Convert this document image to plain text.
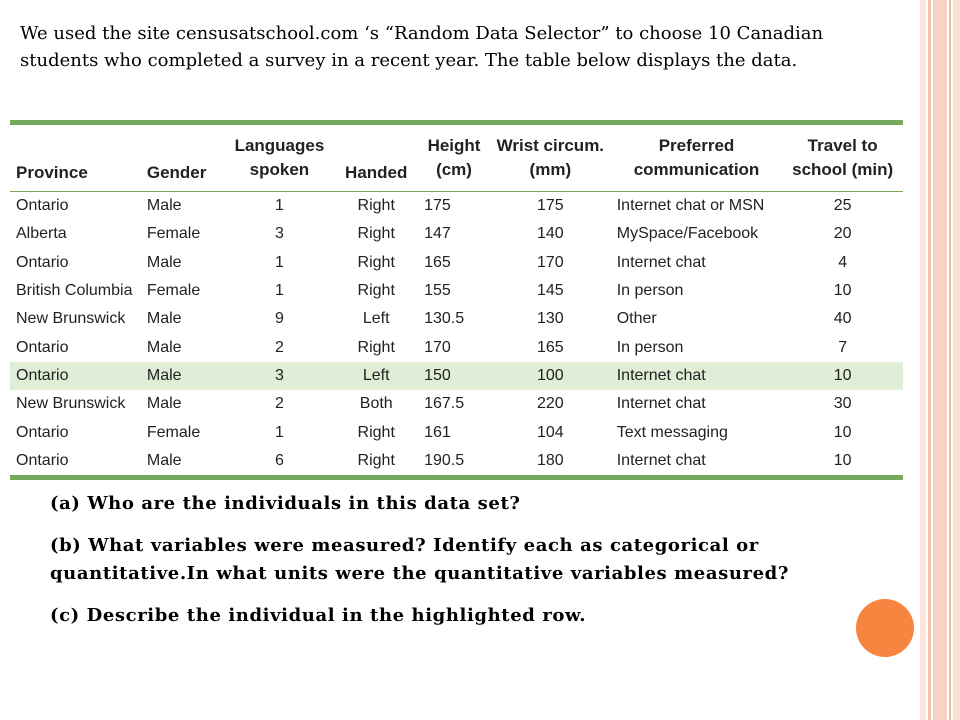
We used the site censusatschool.com ‘s “Random Data Selector” to choose 10 Canadian students who completed a survey in a recent year. The table below displays the data.
Province	Gender	Languages spoken	Handed	Height (cm)	Wrist circum. (mm)	Preferred communication	Travel to school (min)
Ontario	Male	1	Right	175	175	Internet chat or MSN	25
Alberta	Female	3	Right	147	140	MySpace/Facebook	20
Ontario	Male	1	Right	165	170	Internet chat	4
British Columbia	Female	1	Right	155	145	In person	10
New Brunswick	Male	9	Left	130.5	130	Other	40
Ontario	Male	2	Right	170	165	In person	7
Ontario	Male	3	Left	150	100	Internet chat	10
New Brunswick	Male	2	Both	167.5	220	Internet chat	30
Ontario	Female	1	Right	161	104	Text messaging	10
Ontario	Male	6	Right	190.5	180	Internet chat	10

(a) Who are the individuals in this data set?

(b) What variables were measured? Identify each as categorical or quantitative.In what units were the quantitative variables measured?

(c) Describe the individual in the highlighted row.
